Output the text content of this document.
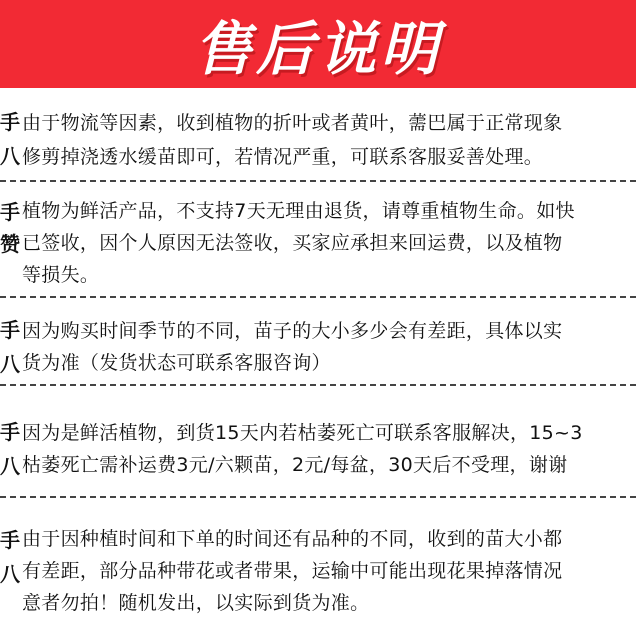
售后说明
手
八
由于物流等因素，收到植物的折叶或者黄叶，薷巴属于正常现象
修剪掉浇透水缓苗即可，若情况严重，可联系客服妥善处理。
手
赞
植物为鲜活产品，不支持7天无理由退货，请尊重植物生命。如快
已签收，因个人原因无法签收，买家应承担来回运费，以及植物
等损失。
手
八
因为购买时间季节的不同，苗子的大小多少会有差距，具体以实
货为准（发货状态可联系客服咨询）
手
八
因为是鲜活植物，到货15天内若枯萎死亡可联系客服解决，15~3
枯萎死亡需补运费3元/六颗苗，2元/每盆，30天后不受理，谢谢
手
八
由于因种植时间和下单的时间还有品种的不同，收到的苗大小都
有差距，部分品种带花或者带果，运输中可能出现花果掉落情况
意者勿拍！随机发出，以实际到货为准。
